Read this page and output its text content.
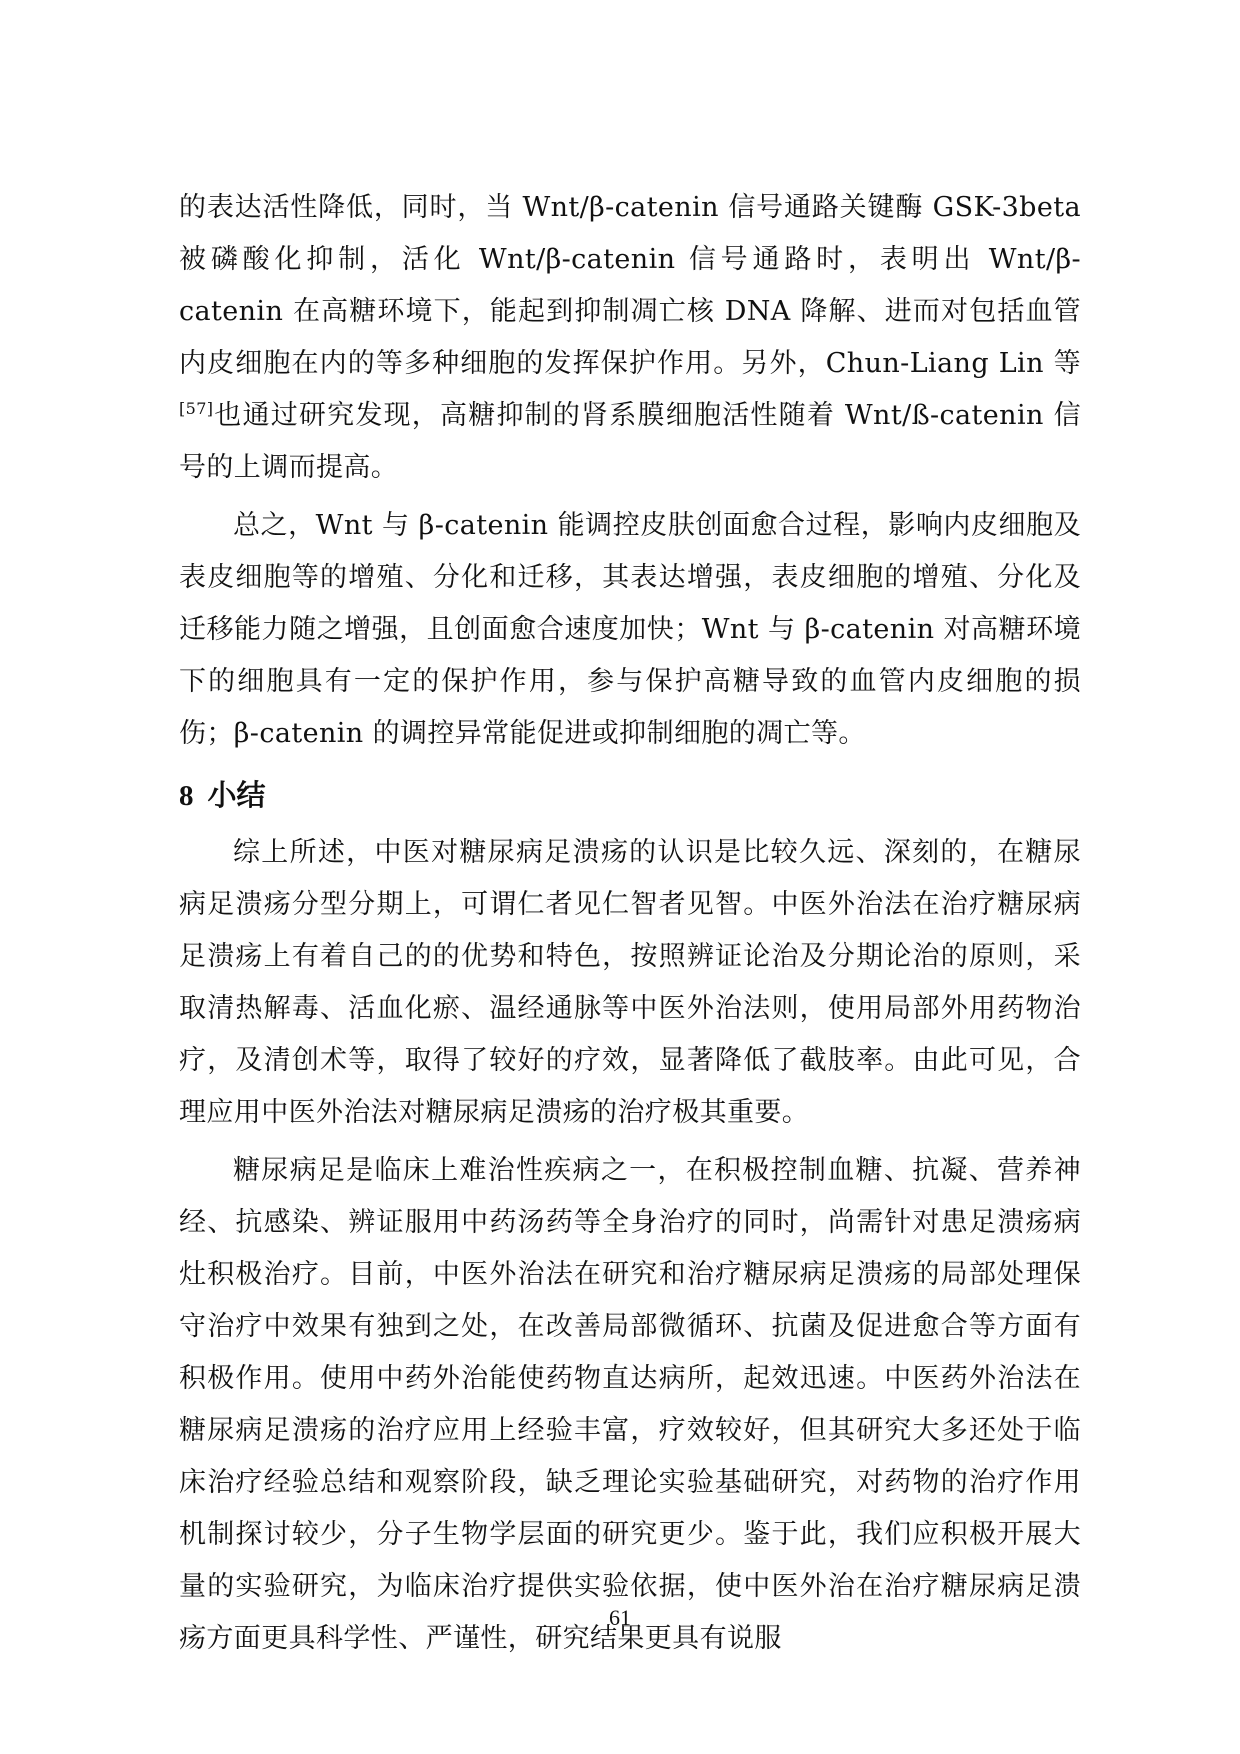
的表达活性降低，同时，当 Wnt/β-catenin 信号通路关键酶 GSK-3beta 被磷酸化抑制，活化 Wnt/β-catenin 信号通路时，表明出 Wnt/β-catenin 在高糖环境下，能起到抑制凋亡核 DNA 降解、进而对包括血管内皮细胞在内的等多种细胞的发挥保护作用。另外，Chun-Liang Lin 等[57]也通过研究发现，高糖抑制的肾系膜细胞活性随着 Wnt/ß-catenin 信号的上调而提高。

总之，Wnt 与 β-catenin 能调控皮肤创面愈合过程，影响内皮细胞及表皮细胞等的增殖、分化和迁移，其表达增强，表皮细胞的增殖、分化及迁移能力随之增强，且创面愈合速度加快；Wnt 与 β-catenin 对高糖环境下的细胞具有一定的保护作用，参与保护高糖导致的血管内皮细胞的损伤；β-catenin 的调控异常能促进或抑制细胞的凋亡等。

8 小结

综上所述，中医对糖尿病足溃疡的认识是比较久远、深刻的，在糖尿病足溃疡分型分期上，可谓仁者见仁智者见智。中医外治法在治疗糖尿病足溃疡上有着自己的的优势和特色，按照辨证论治及分期论治的原则，采取清热解毒、活血化瘀、温经通脉等中医外治法则，使用局部外用药物治疗，及清创术等，取得了较好的疗效，显著降低了截肢率。由此可见，合理应用中医外治法对糖尿病足溃疡的治疗极其重要。

糖尿病足是临床上难治性疾病之一，在积极控制血糖、抗凝、营养神经、抗感染、辨证服用中药汤药等全身治疗的同时，尚需针对患足溃疡病灶积极治疗。目前，中医外治法在研究和治疗糖尿病足溃疡的局部处理保守治疗中效果有独到之处，在改善局部微循环、抗菌及促进愈合等方面有积极作用。使用中药外治能使药物直达病所，起效迅速。中医药外治法在糖尿病足溃疡的治疗应用上经验丰富，疗效较好，但其研究大多还处于临床治疗经验总结和观察阶段，缺乏理论实验基础研究，对药物的治疗作用机制探讨较少，分子生物学层面的研究更少。鉴于此，我们应积极开展大量的实验研究，为临床治疗提供实验依据，使中医外治在治疗糖尿病足溃疡方面更具科学性、严谨性，研究结果更具有说服

61
